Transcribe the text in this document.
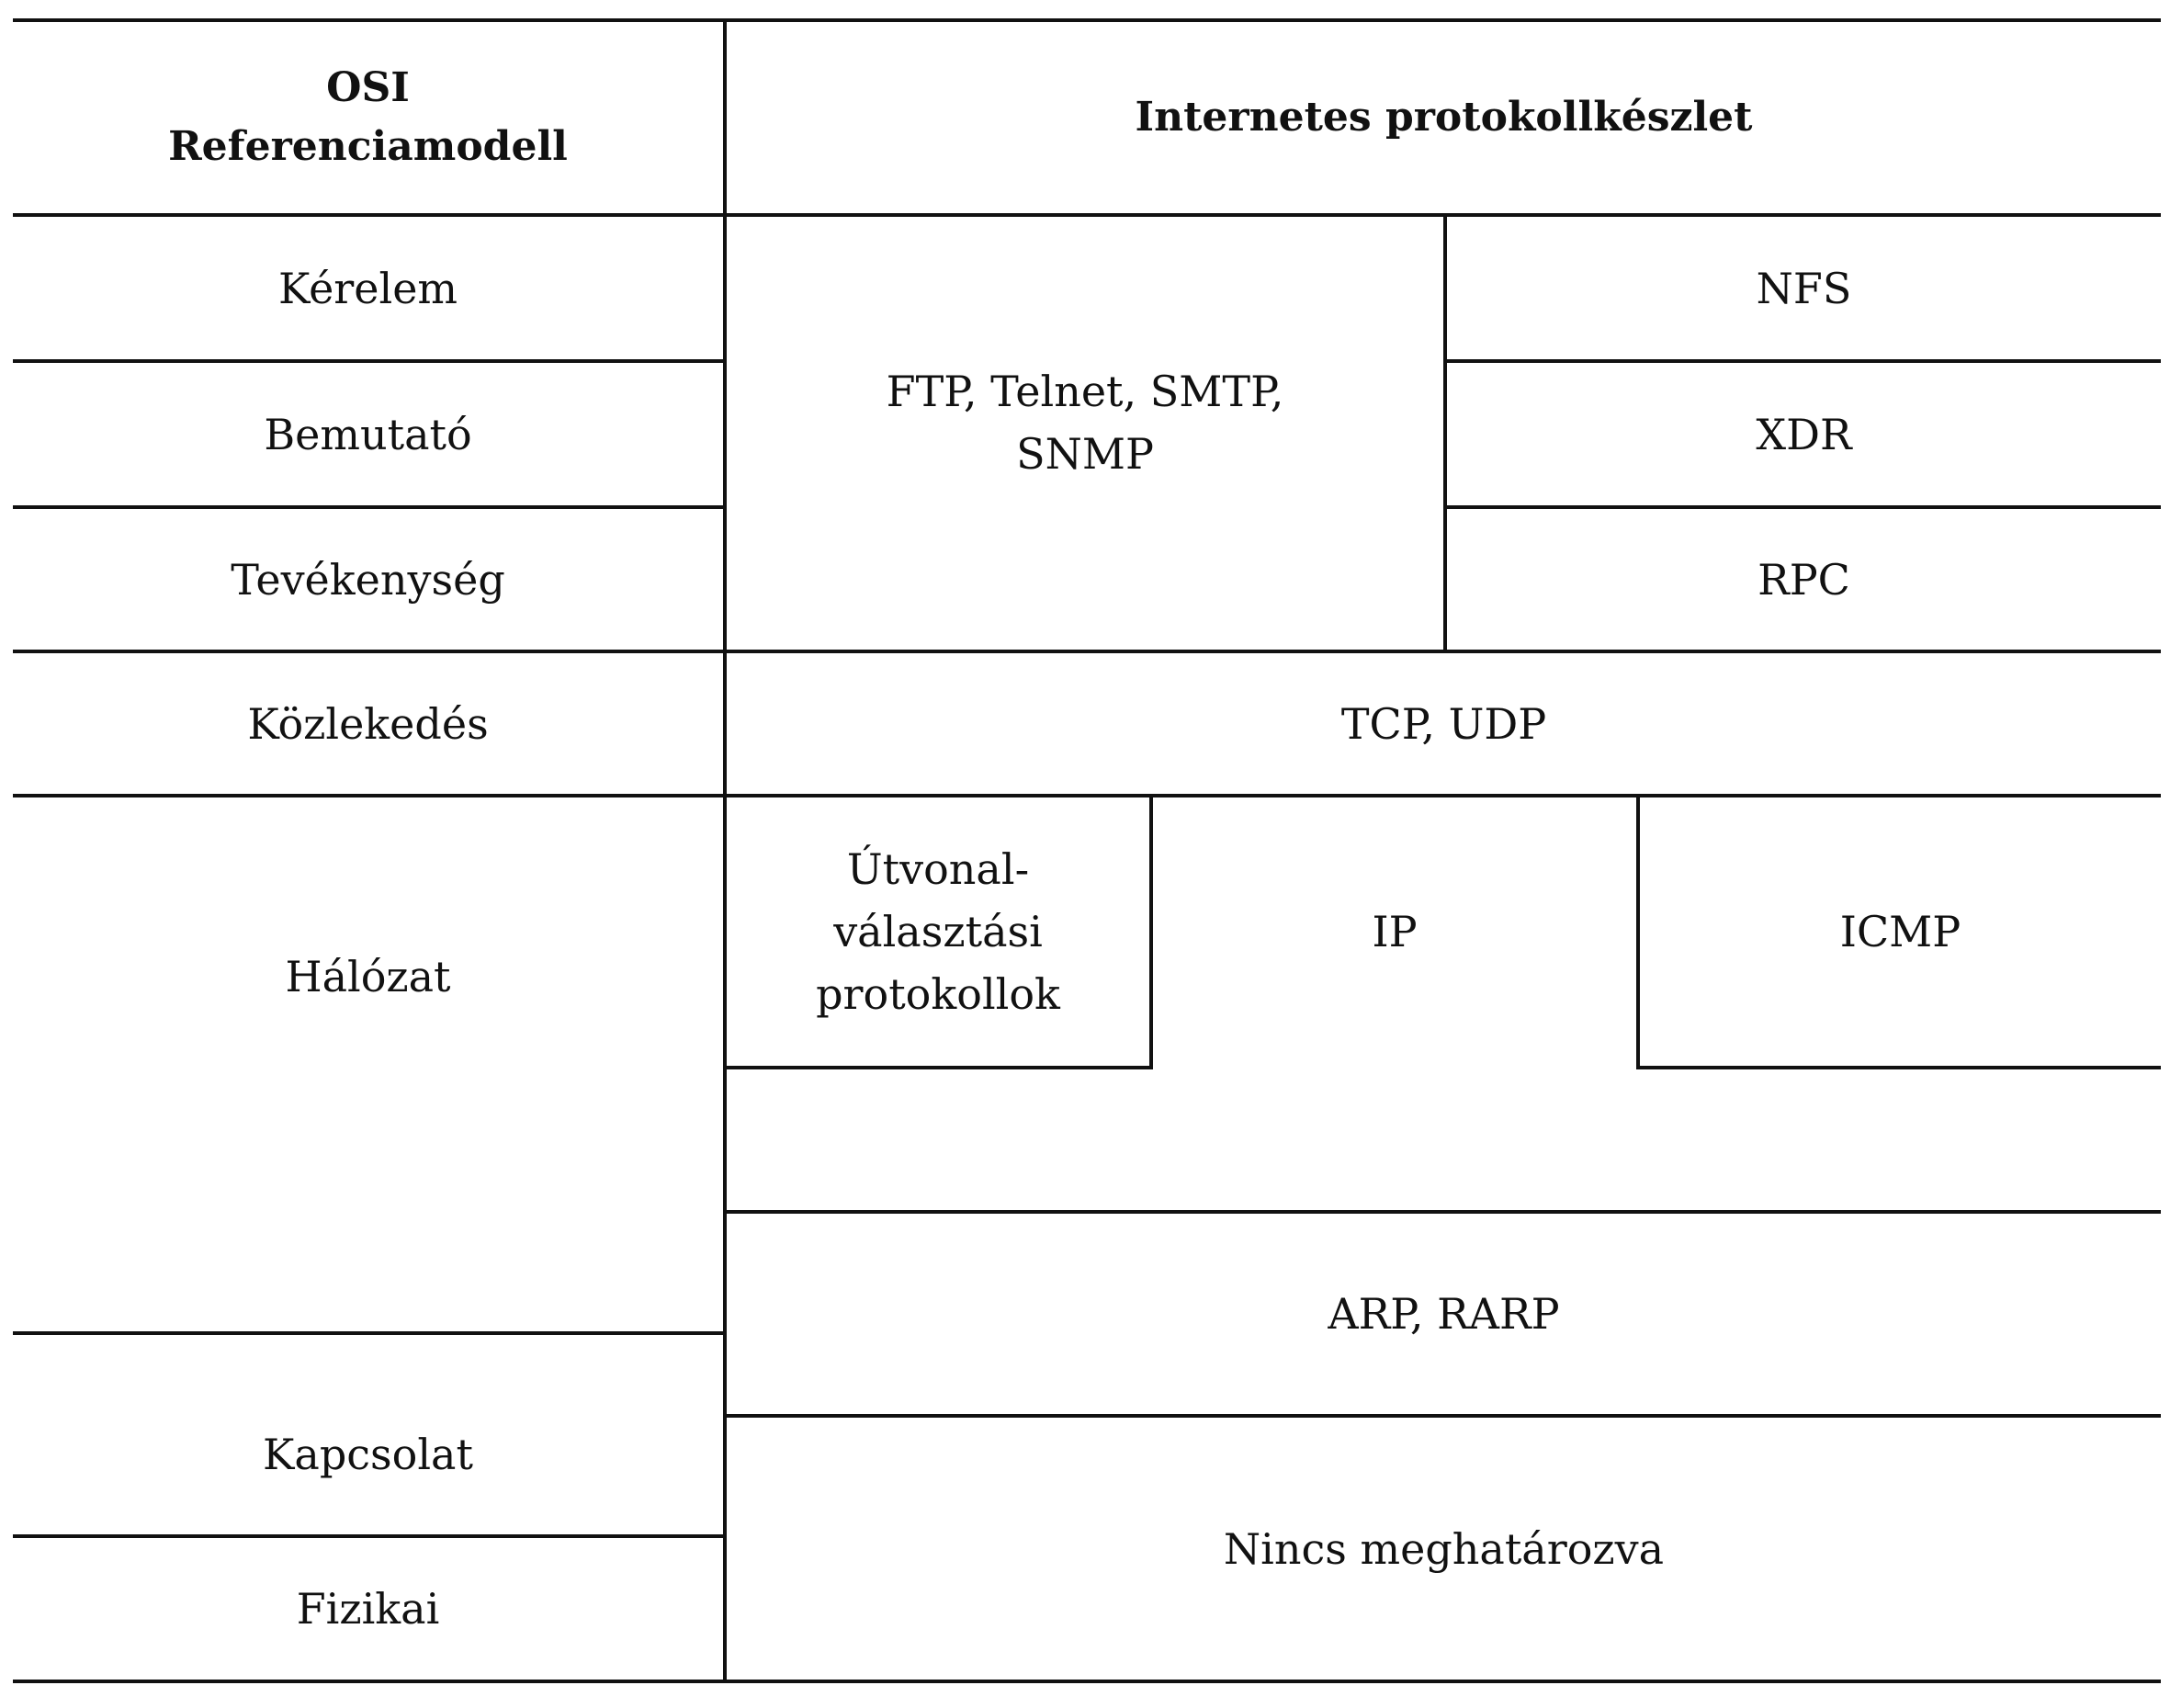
OSI
Referenciamodell
Internetes protokollkészlet
Kérelem
Bemutató
Tevékenység
Közlekedés
Hálózat
Kapcsolat
Fizikai
FTP, Telnet, SMTP,
SNMP
NFS
XDR
RPC
TCP, UDP
Útvonal-
választási
protokollok
IP	ICMP
ARP, RARP
Nincs meghatározva
